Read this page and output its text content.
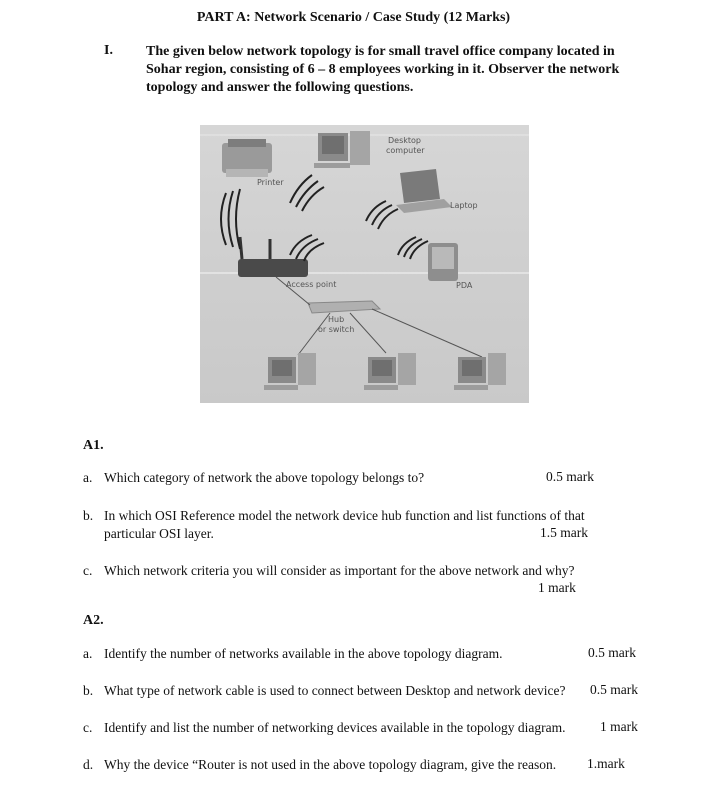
PART A: Network Scenario / Case Study (12 Marks)
I. The given below network topology is for small travel office company located in Sohar region, consisting of 6 – 8 employees working in it. Observer the network topology and answer the following questions.
Printer
Desktop
computer
Laptop
PDA
Access point
Hub
or switch
A1.
a. Which category of network the above topology belongs to?	0.5 mark
b. In which OSI Reference model the network device hub function and list functions of that
particular OSI layer.	1.5 mark
c. Which network criteria you will consider as important for the above network and why?
1 mark
A2.
a. Identify the number of networks available in the above topology diagram.	0.5 mark
b. What type of network cable is used to connect between Desktop and network device? 0.5 mark
c. Identify and list the number of networking devices available in the topology diagram.	1 mark
d. Why the device “Router is not used in the above topology diagram, give the reason. 1.mark
